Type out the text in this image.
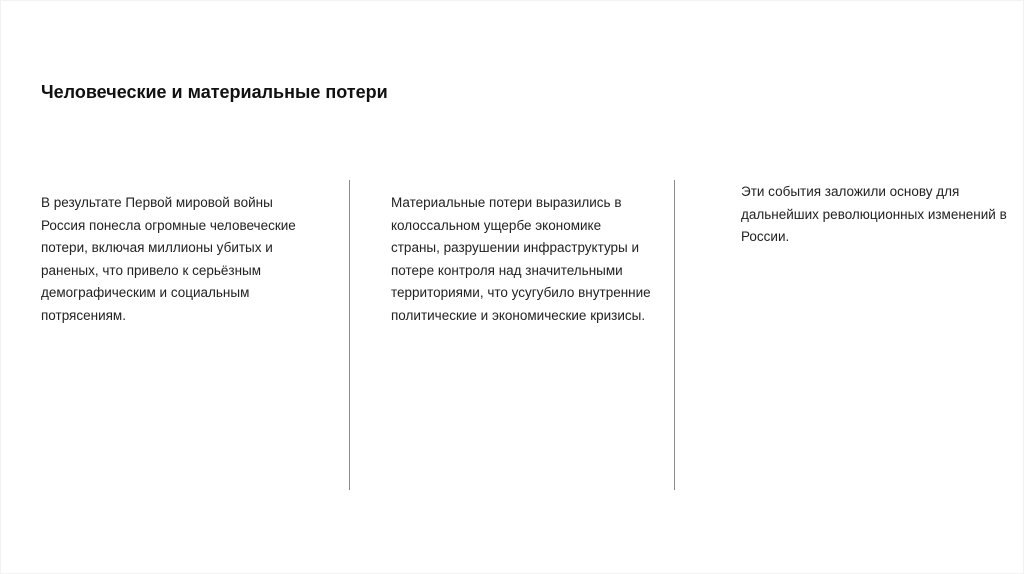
Человеческие и материальные потери

В результате Первой мировой войны Россия понесла огромные человеческие потери, включая миллионы убитых и раненых, что привело к серьёзным демографическим и социальным потрясениям.

Материальные потери выразились в колоссальном ущербе экономике страны, разрушении инфраструктуры и потере контроля над значительными территориями, что усугубило внутренние политические и экономические кризисы.

Эти события заложили основу для дальнейших революционных изменений в России.
